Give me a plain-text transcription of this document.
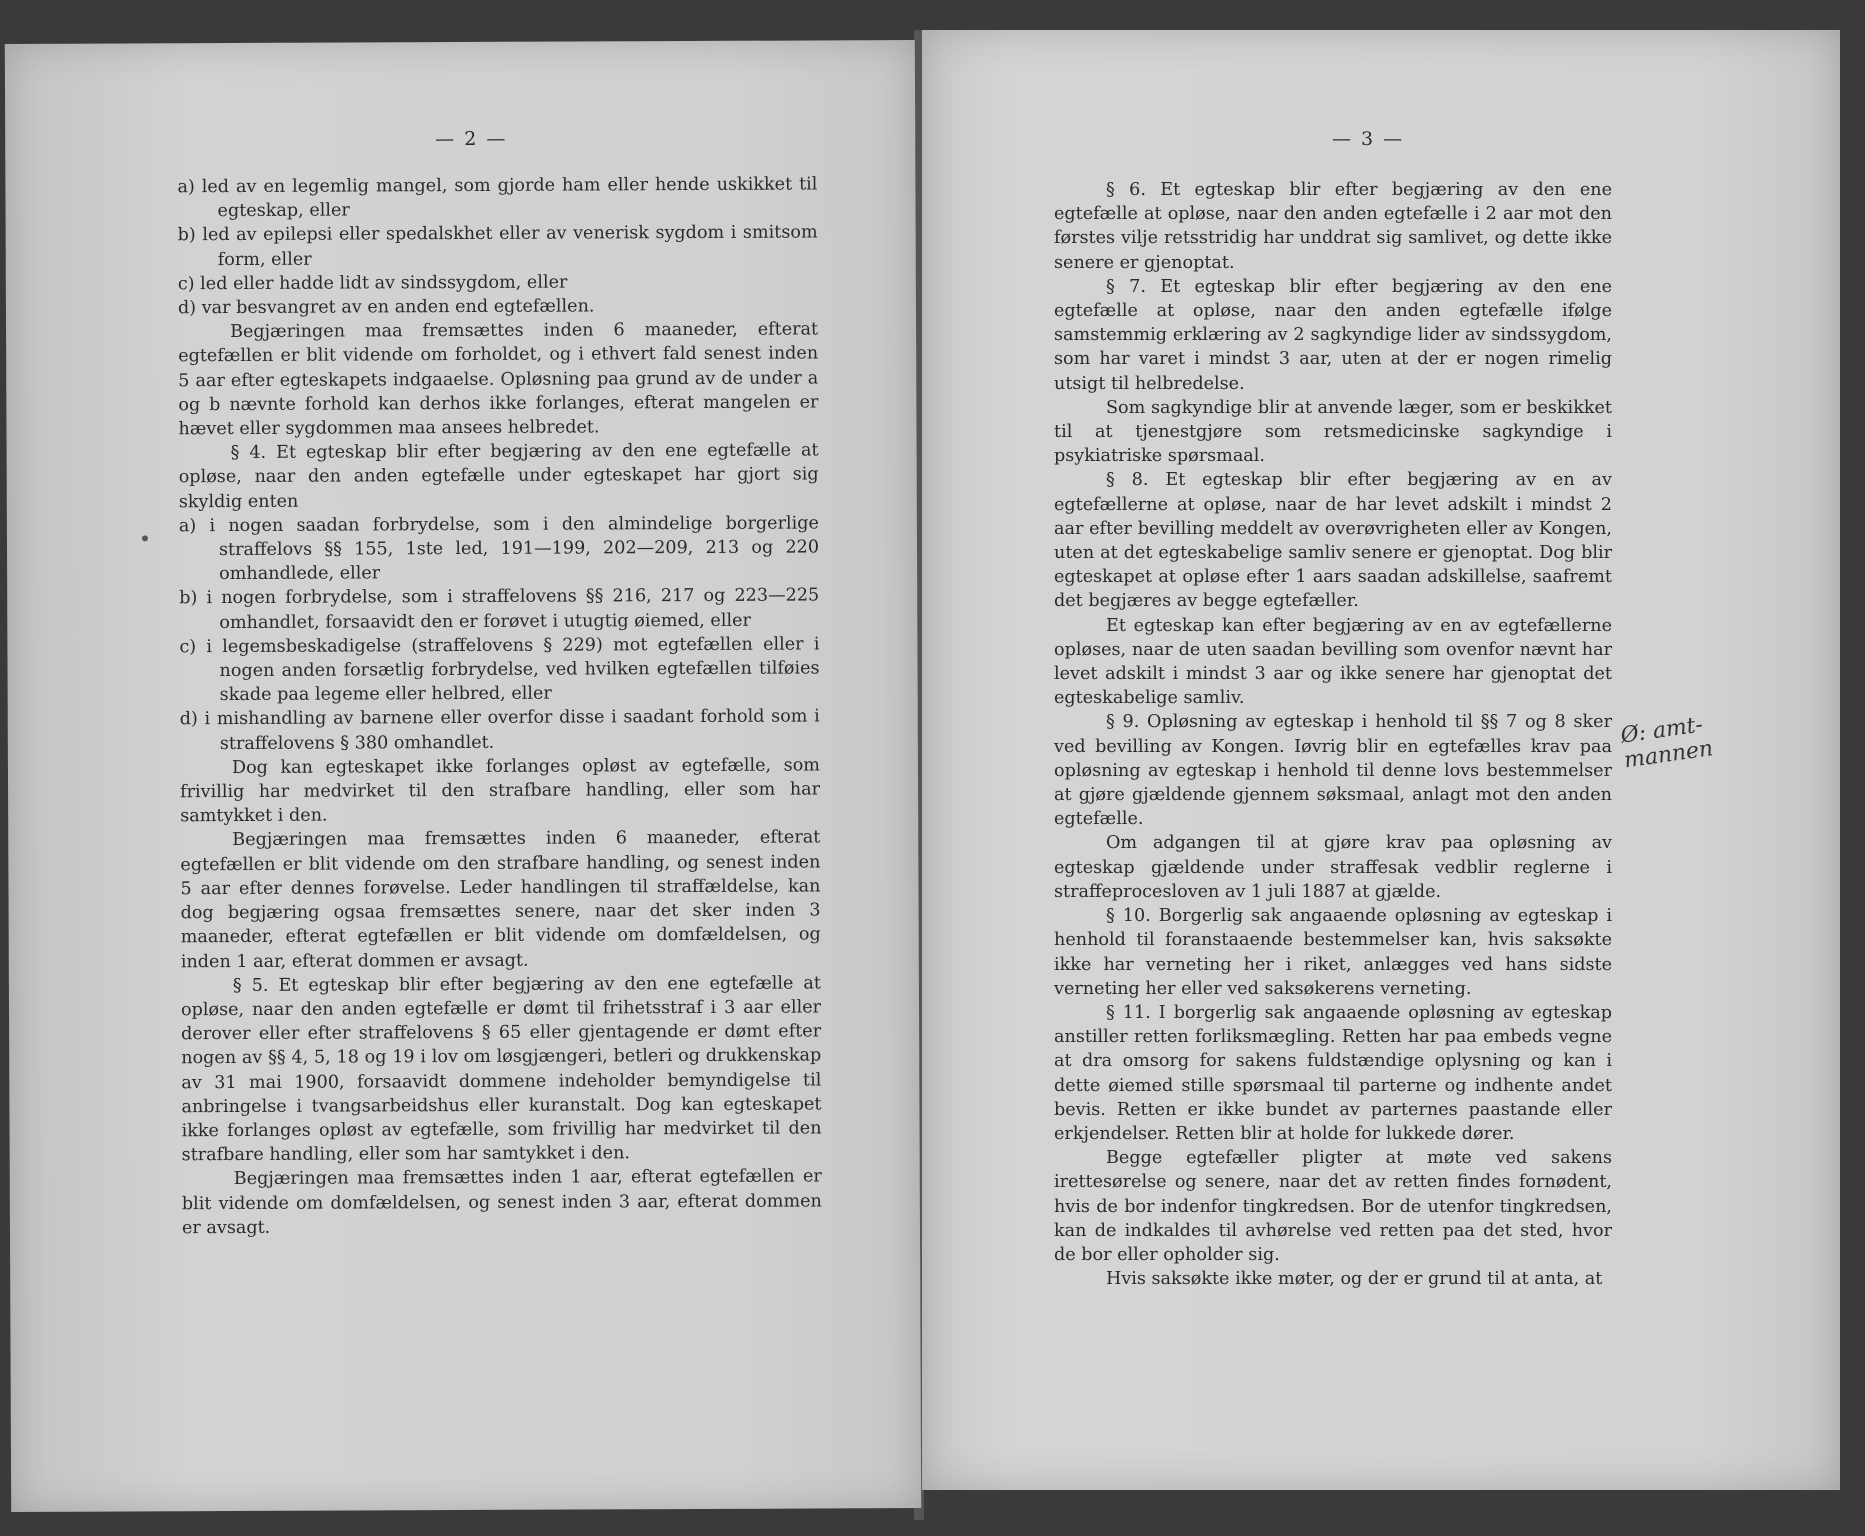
— 2 —

a) led av en legemlig mangel, som gjorde ham eller hende uskikket til egteskap, eller

b) led av epilepsi eller spedalskhet eller av venerisk sygdom i smitsom form, eller

c) led eller hadde lidt av sindssygdom, eller

d) var besvangret av en anden end egtefællen.

Begjæringen maa fremsættes inden 6 maaneder, efterat egtefællen er blit vidende om forholdet, og i ethvert fald senest inden 5 aar efter egteskapets indgaaelse. Opløsning paa grund av de under a og b nævnte forhold kan derhos ikke forlanges, efterat mangelen er hævet eller sygdommen maa ansees helbredet.

§ 4. Et egteskap blir efter begjæring av den ene egtefælle at opløse, naar den anden egtefælle under egteskapet har gjort sig skyldig enten

a) i nogen saadan forbrydelse, som i den almindelige borgerlige straffelovs §§ 155, 1ste led, 191—199, 202—209, 213 og 220 omhandlede, eller

b) i nogen forbrydelse, som i straffelovens §§ 216, 217 og 223—225 omhandlet, forsaavidt den er forøvet i utugtig øiemed, eller

c) i legemsbeskadigelse (straffelovens § 229) mot egtefællen eller i nogen anden forsætlig forbrydelse, ved hvilken egtefællen tilføies skade paa legeme eller helbred, eller

d) i mishandling av barnene eller overfor disse i saadant forhold som i straffelovens § 380 omhandlet.

Dog kan egteskapet ikke forlanges opløst av egtefælle, som frivillig har medvirket til den strafbare handling, eller som har samtykket i den.

Begjæringen maa fremsættes inden 6 maaneder, efterat egtefællen er blit vidende om den strafbare handling, og senest inden 5 aar efter dennes forøvelse. Leder handlingen til straffældelse, kan dog begjæring ogsaa fremsættes senere, naar det sker inden 3 maaneder, efterat egtefællen er blit vidende om domfældelsen, og inden 1 aar, efterat dommen er avsagt.

§ 5. Et egteskap blir efter begjæring av den ene egtefælle at opløse, naar den anden egtefælle er dømt til frihetsstraf i 3 aar eller derover eller efter straffelovens § 65 eller gjentagende er dømt efter nogen av §§ 4, 5, 18 og 19 i lov om løsgjængeri, betleri og drukkenskap av 31 mai 1900, forsaavidt dommene indeholder bemyndigelse til anbringelse i tvangsarbeidshus eller kuranstalt. Dog kan egteskapet ikke forlanges opløst av egtefælle, som frivillig har medvirket til den strafbare handling, eller som har samtykket i den.

Begjæringen maa fremsættes inden 1 aar, efterat egtefællen er blit vidende om domfældelsen, og senest inden 3 aar, efterat dommen er avsagt.

— 3 —

§ 6. Et egteskap blir efter begjæring av den ene egtefælle at opløse, naar den anden egtefælle i 2 aar mot den førstes vilje retsstridig har unddrat sig samlivet, og dette ikke senere er gjenoptat.

§ 7. Et egteskap blir efter begjæring av den ene egtefælle at opløse, naar den anden egtefælle ifølge samstemmig erklæring av 2 sagkyndige lider av sindssygdom, som har varet i mindst 3 aar, uten at der er nogen rimelig utsigt til helbredelse.

Som sagkyndige blir at anvende læger, som er beskikket til at tjenestgjøre som retsmedicinske sagkyndige i psykiatriske spørsmaal.

§ 8. Et egteskap blir efter begjæring av en av egtefællerne at opløse, naar de har levet adskilt i mindst 2 aar efter bevilling meddelt av overøvrigheten eller av Kongen, uten at det egteskabelige samliv senere er gjenoptat. Dog blir egteskapet at opløse efter 1 aars saadan adskillelse, saafremt det begjæres av begge egtefæller.

Et egteskap kan efter begjæring av en av egtefællerne opløses, naar de uten saadan bevilling som ovenfor nævnt har levet adskilt i mindst 3 aar og ikke senere har gjenoptat det egteskabelige samliv.

§ 9. Opløsning av egteskap i henhold til §§ 7 og 8 sker ved bevilling av Kongen. Iøvrig blir en egtefælles krav paa opløsning av egteskap i henhold til denne lovs bestemmelser at gjøre gjældende gjennem søksmaal, anlagt mot den anden egtefælle.

Om adgangen til at gjøre krav paa opløsning av egteskap gjældende under straffesak vedblir reglerne i straffeprocesloven av 1 juli 1887 at gjælde.

§ 10. Borgerlig sak angaaende opløsning av egteskap i henhold til foranstaaende bestemmelser kan, hvis saksøkte ikke har verneting her i riket, anlægges ved hans sidste verneting her eller ved saksøkerens verneting.

§ 11. I borgerlig sak angaaende opløsning av egteskap anstiller retten forliksmægling. Retten har paa embeds vegne at dra omsorg for sakens fuldstændige oplysning og kan i dette øiemed stille spørsmaal til parterne og indhente andet bevis. Retten er ikke bundet av parternes paastande eller erkjendelser. Retten blir at holde for lukkede dører.

Begge egtefæller pligter at møte ved sakens irettesørelse og senere, naar det av retten findes fornødent, hvis de bor indenfor tingkredsen. Bor de utenfor tingkredsen, kan de indkaldes til avhørelse ved retten paa det sted, hvor de bor eller opholder sig.

Hvis saksøkte ikke møter, og der er grund til at anta, at

Ø: amt- mannen
